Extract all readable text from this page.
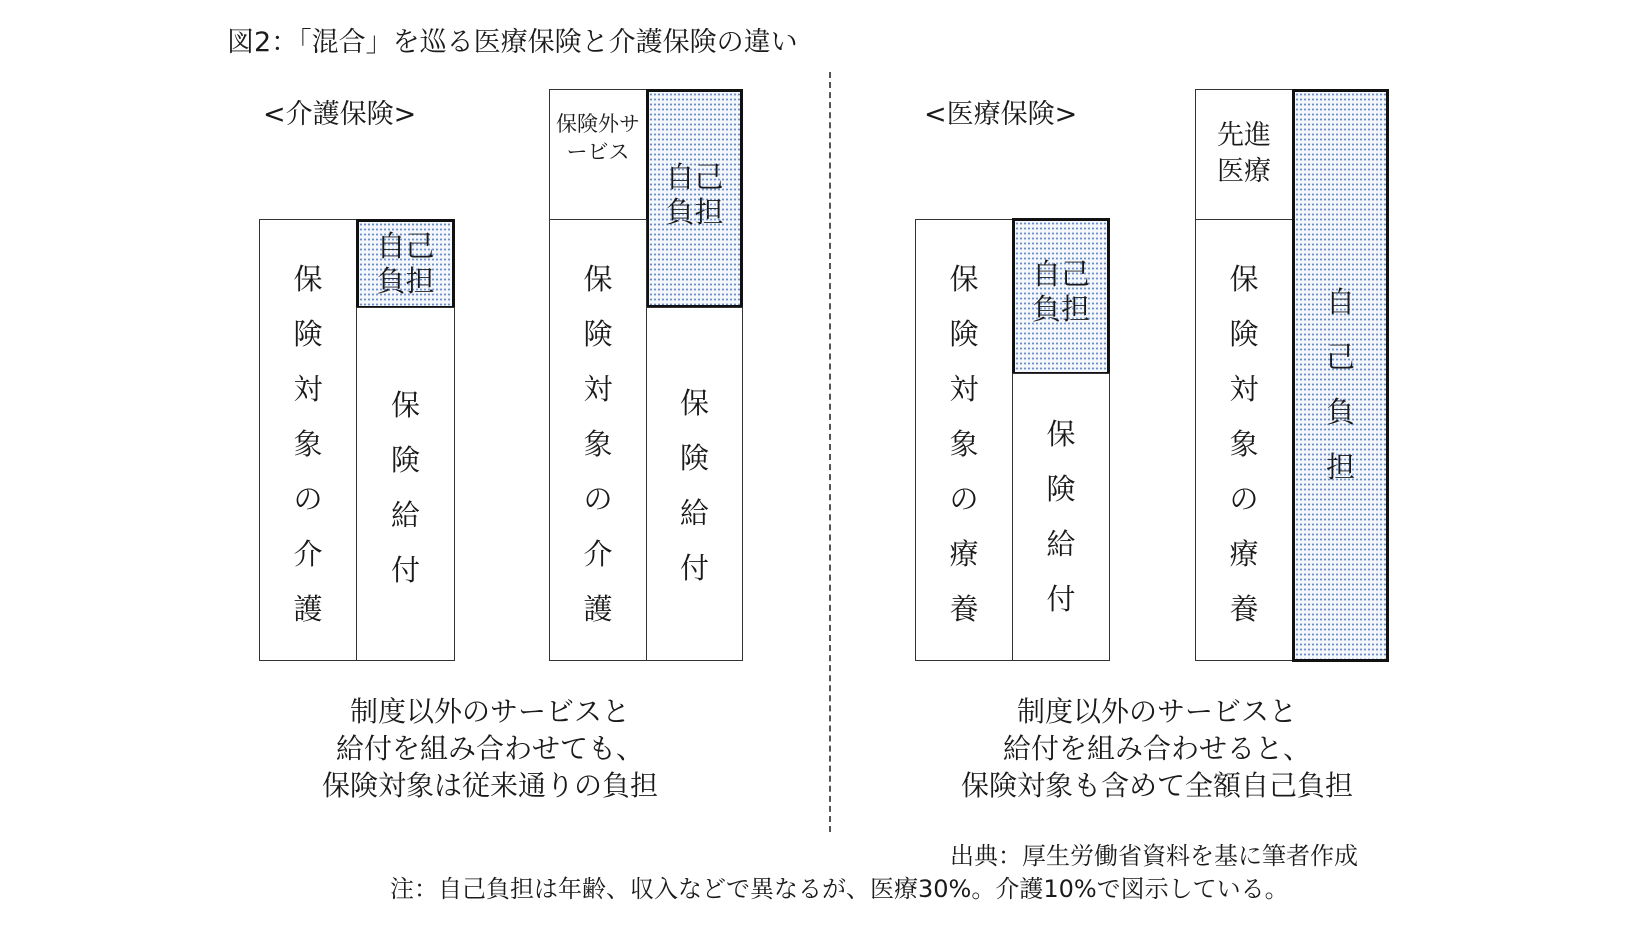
図2：「混合」を巡る医療保険と介護保険の違い
<介護保険>
保険対象の介護
自己負担
保険給付
保険外サービス
自己負担
保険対象の介護
保険給付
制度以外のサービスと
給付を組み合わせても、
保険対象は従来通りの負担
<医療保険>
保険対象の療養
自己負担
保険給付
先進医療
保険対象の療養
自己負担
制度以外のサービスと
給付を組み合わせると、
保険対象も含めて全額自己負担
出典：厚生労働省資料を基に筆者作成
注：自己負担は年齢、収入などで異なるが、医療30%。介護10%で図示している。
